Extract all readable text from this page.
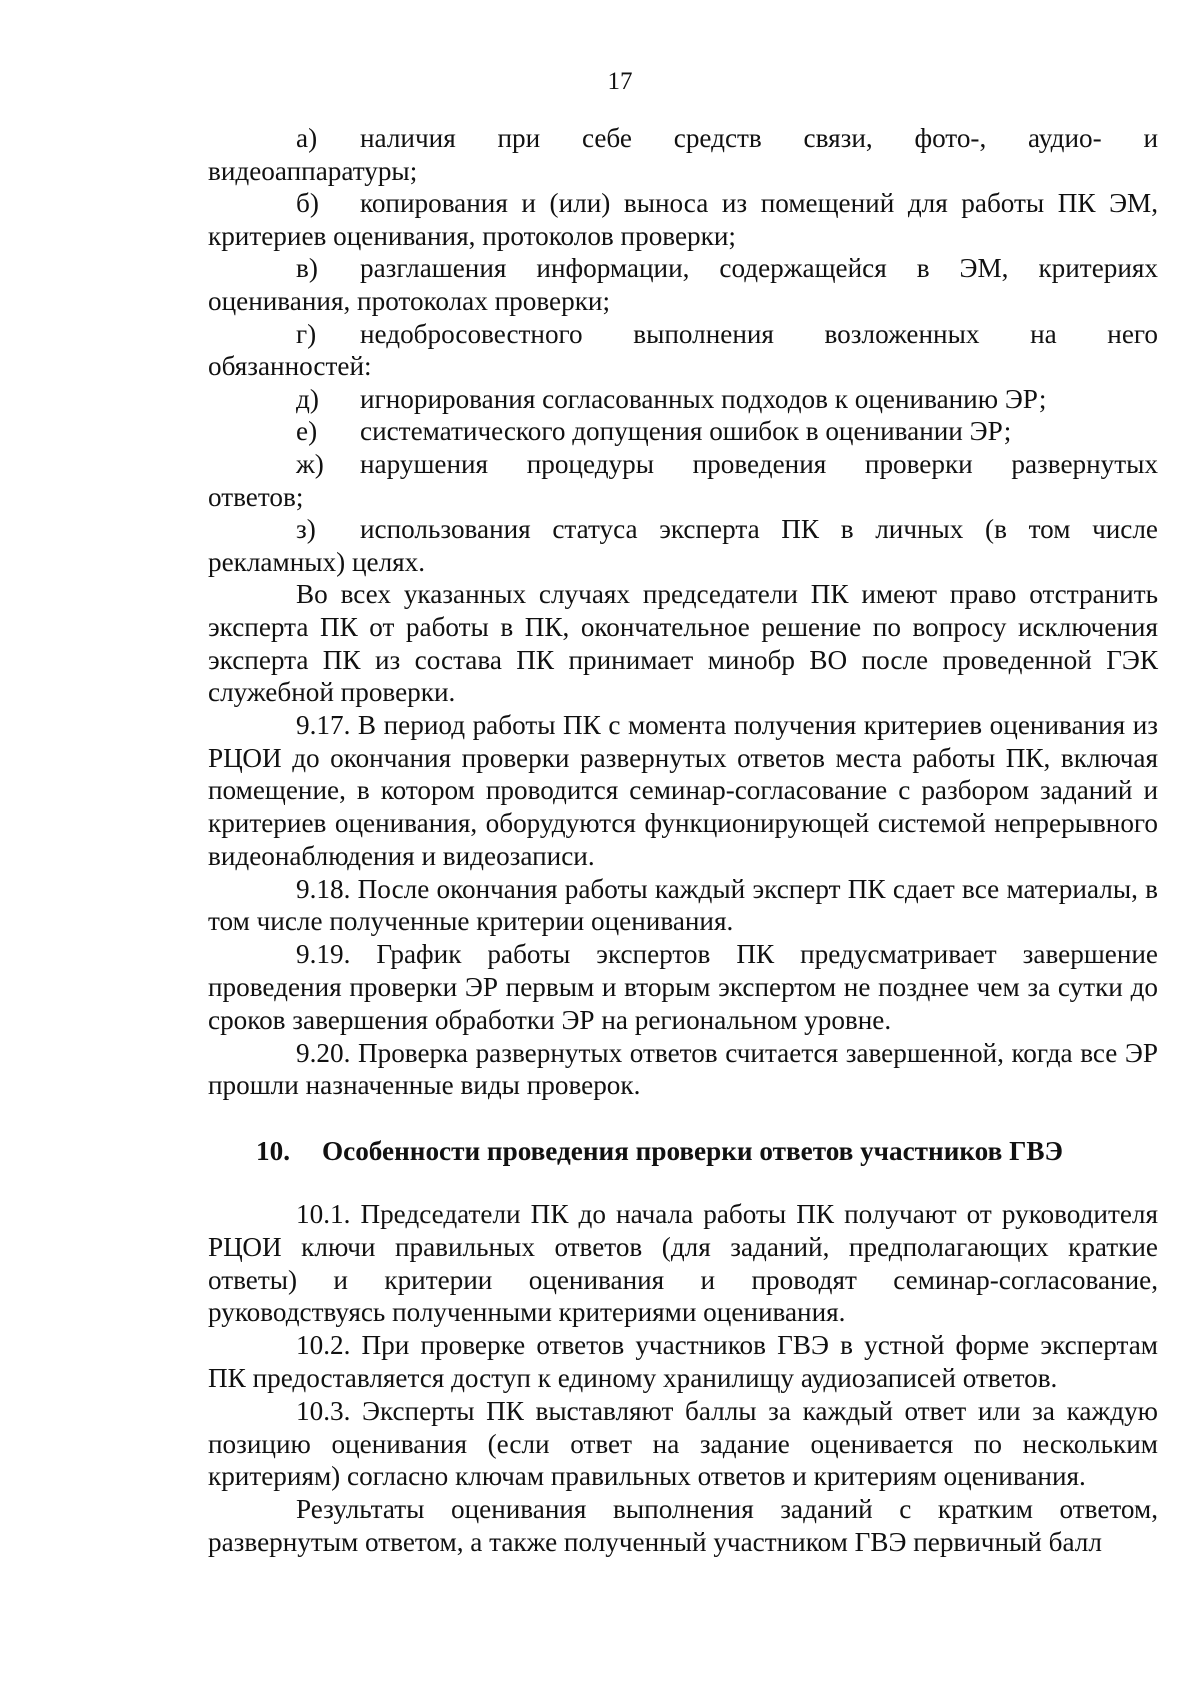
17
а)	наличия при себе средств связи, фото-, аудио- и
видеоаппаратуры;
б)	копирования и (или) выноса из помещений для работы ПК ЭМ,
критериев оценивания, протоколов проверки;
в)	разглашения информации, содержащейся в ЭМ, критериях
оценивания, протоколах проверки;
г)	недобросовестного выполнения возложенных на него
обязанностей:
д)	игнорирования согласованных подходов к оцениванию ЭР;
е)	систематического допущения ошибок в оценивании ЭР;
ж)	нарушения процедуры проведения проверки развернутых
ответов;
з)	использования статуса эксперта ПК в личных (в том числе
рекламных) целях.

Во всех указанных случаях председатели ПК имеют право отстранить эксперта ПК от работы в ПК, окончательное решение по вопросу исключения эксперта ПК из состава ПК принимает минобр ВО после проведенной ГЭК служебной проверки.

9.17. В период работы ПК с момента получения критериев оценивания из РЦОИ до окончания проверки развернутых ответов места работы ПК, включая помещение, в котором проводится семинар-согласование с разбором заданий и критериев оценивания, оборудуются функционирующей системой непрерывного видеонаблюдения и видеозаписи.

9.18. После окончания работы каждый эксперт ПК сдает все материалы, в том числе полученные критерии оценивания.

9.19. График работы экспертов ПК предусматривает завершение проведения проверки ЭР первым и вторым экспертом не позднее чем за сутки до сроков завершения обработки ЭР на региональном уровне.

9.20. Проверка развернутых ответов считается завершенной, когда все ЭР прошли назначенные виды проверок.

10.	Особенности проведения проверки ответов участников ГВЭ

10.1. Председатели ПК до начала работы ПК получают от руководителя РЦОИ ключи правильных ответов (для заданий, предполагающих краткие ответы) и критерии оценивания и проводят семинар-согласование, руководствуясь полученными критериями оценивания.

10.2. При проверке ответов участников ГВЭ в устной форме экспертам ПК предоставляется доступ к единому хранилищу аудиозаписей ответов.

10.3. Эксперты ПК выставляют баллы за каждый ответ или за каждую позицию оценивания (если ответ на задание оценивается по нескольким критериям) согласно ключам правильных ответов и критериям оценивания.

Результаты оценивания выполнения заданий с кратким ответом, развернутым ответом, а также полученный участником ГВЭ первичный балл
